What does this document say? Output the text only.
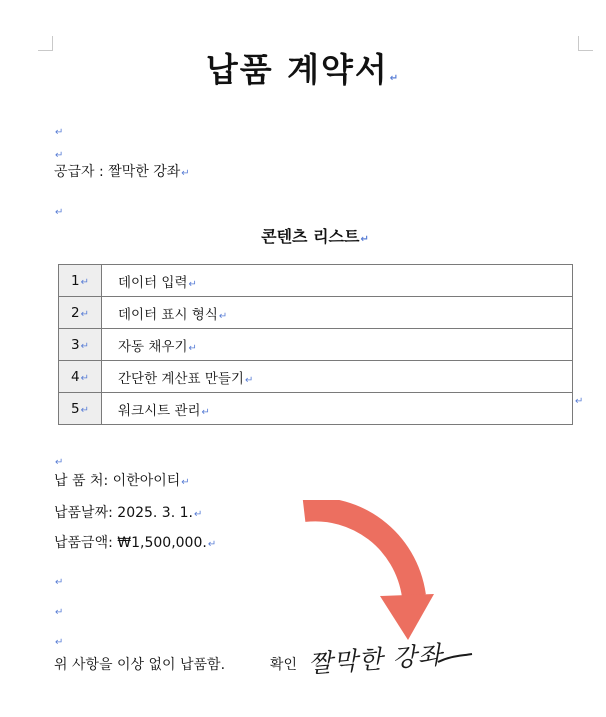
납품 계약서↵
↵
↵
공급자 : 짤막한 강좌↵
↵
콘텐츠 리스트↵
1↵	데이터 입력↵
2↵	데이터 표시 형식↵
3↵	자동 채우기↵
4↵	간단한 계산표 만들기↵
5↵	워크시트 관리↵
↵
↵
납 품 처: 이한아이티↵
납품날짜: 2025. 3. 1.↵
납품금액: ₩1,500,000.↵
↵
↵
↵
위 사항을 이상 없이 납품함.	확인 짤막한 강좌
